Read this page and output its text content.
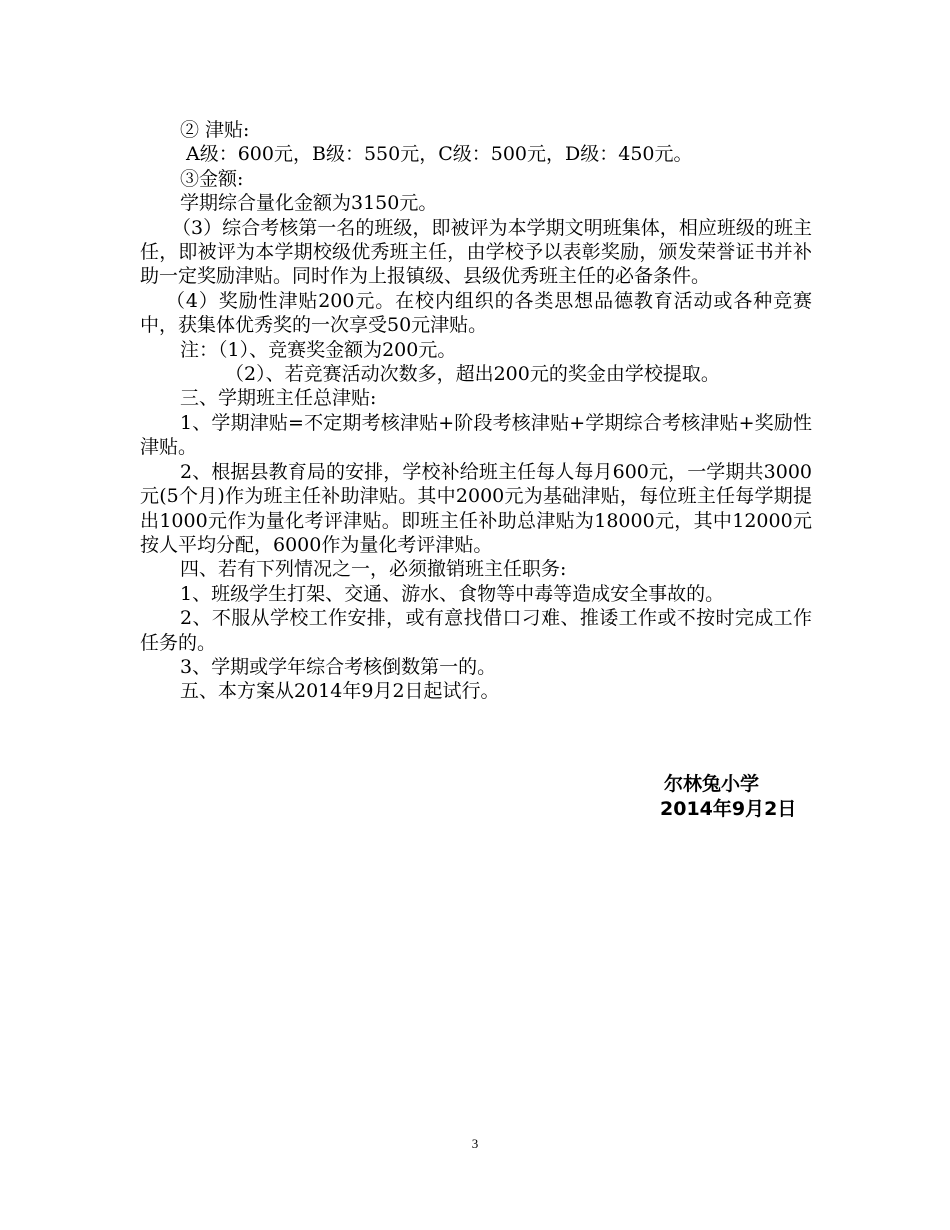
② 津贴:
A级：600元，B级：550元，C级：500元，D级：450元。
③金额:
学期综合量化金额为3150元。
（3）综合考核第一名的班级，即被评为本学期文明班集体，相应班级的班主任，即被评为本学期校级优秀班主任，由学校予以表彰奖励，颁发荣誉证书并补助一定奖励津贴。同时作为上报镇级、县级优秀班主任的必备条件。
（4）奖励性津贴200元。在校内组织的各类思想品德教育活动或各种竞赛中，获集体优秀奖的一次享受50元津贴。
注：（1）、竞赛奖金额为200元。
（2）、若竞赛活动次数多，超出200元的奖金由学校提取。
三、学期班主任总津贴:
1、学期津贴=不定期考核津贴+阶段考核津贴+学期综合考核津贴+奖励性津贴。
2、根据县教育局的安排，学校补给班主任每人每月600元，一学期共3000元(5个月)作为班主任补助津贴。其中2000元为基础津贴，每位班主任每学期提出1000元作为量化考评津贴。即班主任补助总津贴为18000元，其中12000元按人平均分配，6000作为量化考评津贴。
四、若有下列情况之一，必须撤销班主任职务:
1、班级学生打架、交通、游水、食物等中毒等造成安全事故的。
2、不服从学校工作安排，或有意找借口刁难、推诿工作或不按时完成工作任务的。
3、学期或学年综合考核倒数第一的。
五、本方案从2014年9月2日起试行。
尔林兔小学
2014年9月2日
3
